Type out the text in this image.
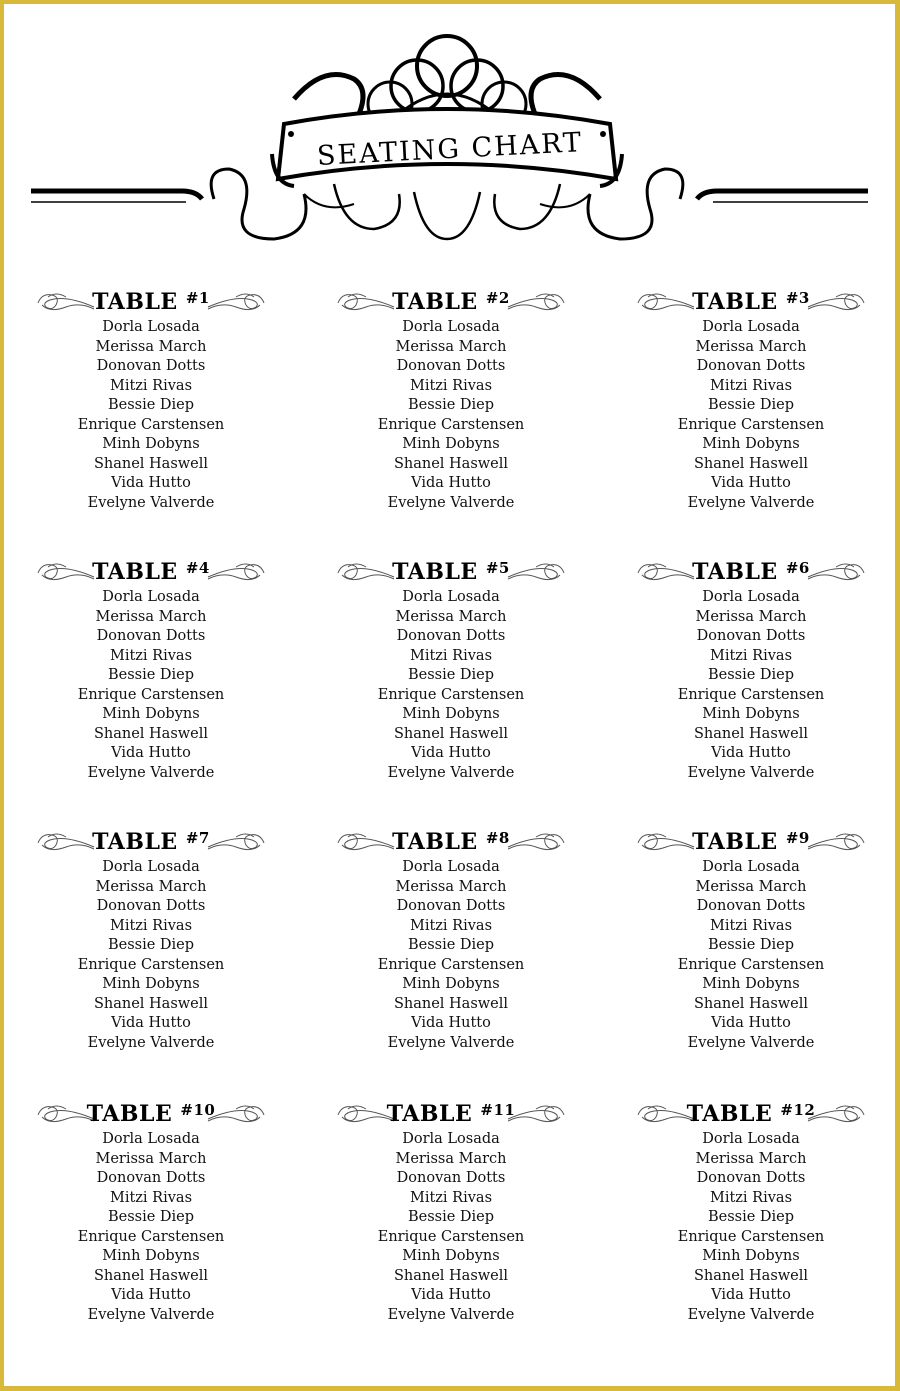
SEATING CHART
TABLE $^{\#1}$
Dorla Losada
Merissa March
Donovan Dotts
Mitzi Rivas
Bessie Diep
Enrique Carstensen
Minh Dobyns
Shanel Haswell
Vida Hutto
Evelyne Valverde
TABLE $^{\#2}$
Dorla Losada
Merissa March
Donovan Dotts
Mitzi Rivas
Bessie Diep
Enrique Carstensen
Minh Dobyns
Shanel Haswell
Vida Hutto
Evelyne Valverde
TABLE $^{\#3}$
Dorla Losada
Merissa March
Donovan Dotts
Mitzi Rivas
Bessie Diep
Enrique Carstensen
Minh Dobyns
Shanel Haswell
Vida Hutto
Evelyne Valverde
TABLE $^{\#4}$
Dorla Losada
Merissa March
Donovan Dotts
Mitzi Rivas
Bessie Diep
Enrique Carstensen
Minh Dobyns
Shanel Haswell
Vida Hutto
Evelyne Valverde
TABLE $^{\#5}$
Dorla Losada
Merissa March
Donovan Dotts
Mitzi Rivas
Bessie Diep
Enrique Carstensen
Minh Dobyns
Shanel Haswell
Vida Hutto
Evelyne Valverde
TABLE $^{\#6}$
Dorla Losada
Merissa March
Donovan Dotts
Mitzi Rivas
Bessie Diep
Enrique Carstensen
Minh Dobyns
Shanel Haswell
Vida Hutto
Evelyne Valverde
TABLE $^{\#7}$
Dorla Losada
Merissa March
Donovan Dotts
Mitzi Rivas
Bessie Diep
Enrique Carstensen
Minh Dobyns
Shanel Haswell
Vida Hutto
Evelyne Valverde
TABLE $^{\#8}$
Dorla Losada
Merissa March
Donovan Dotts
Mitzi Rivas
Bessie Diep
Enrique Carstensen
Minh Dobyns
Shanel Haswell
Vida Hutto
Evelyne Valverde
TABLE $^{\#9}$
Dorla Losada
Merissa March
Donovan Dotts
Mitzi Rivas
Bessie Diep
Enrique Carstensen
Minh Dobyns
Shanel Haswell
Vida Hutto
Evelyne Valverde
TABLE $^{\#10}$
Dorla Losada
Merissa March
Donovan Dotts
Mitzi Rivas
Bessie Diep
Enrique Carstensen
Minh Dobyns
Shanel Haswell
Vida Hutto
Evelyne Valverde
TABLE $^{\#11}$
Dorla Losada
Merissa March
Donovan Dotts
Mitzi Rivas
Bessie Diep
Enrique Carstensen
Minh Dobyns
Shanel Haswell
Vida Hutto
Evelyne Valverde
TABLE $^{\#12}$
Dorla Losada
Merissa March
Donovan Dotts
Mitzi Rivas
Bessie Diep
Enrique Carstensen
Minh Dobyns
Shanel Haswell
Vida Hutto
Evelyne Valverde
